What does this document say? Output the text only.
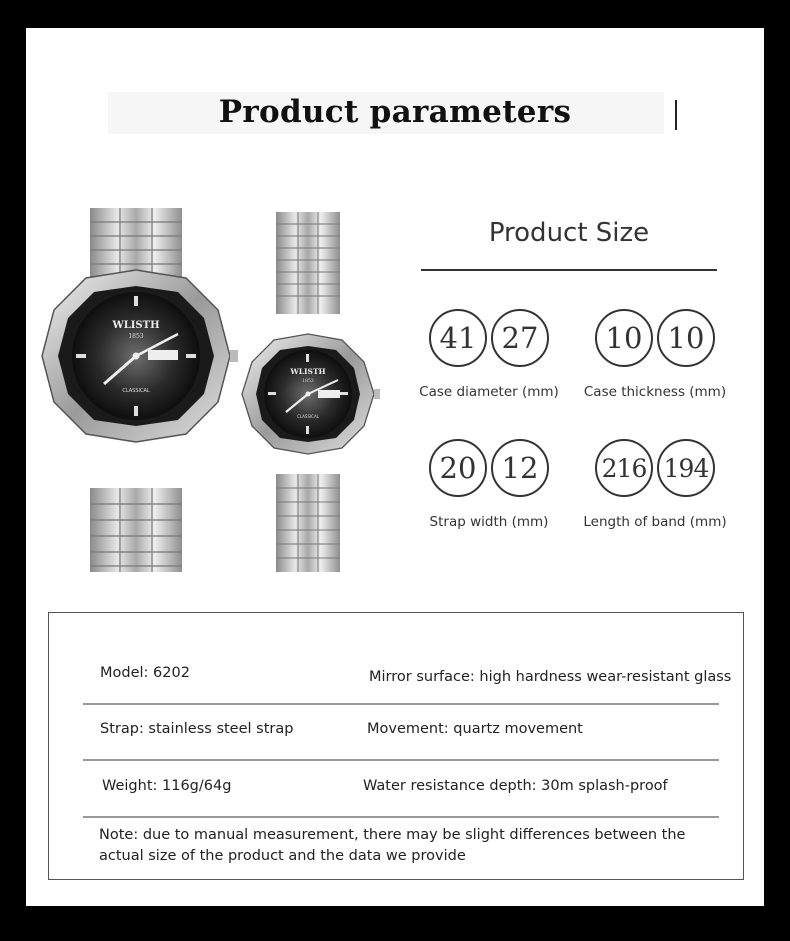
Product parameters
WLISTH
1853
CLASSICAL
WLISTH
1853
CLASSICAL
Product Size
41 27
Case diameter (mm)
10 10
Case thickness (mm)
20 12
Strap width (mm)
216 194
Length of band (mm)
Model: 6202	Mirror surface: high hardness wear-resistant glass
Strap: stainless steel strap	Movement: quartz movement
Weight: 116g/64g	Water resistance depth: 30m splash-proof
Note: due to manual measurement, there may be slight differences between the actual size of the product and the data we provide
